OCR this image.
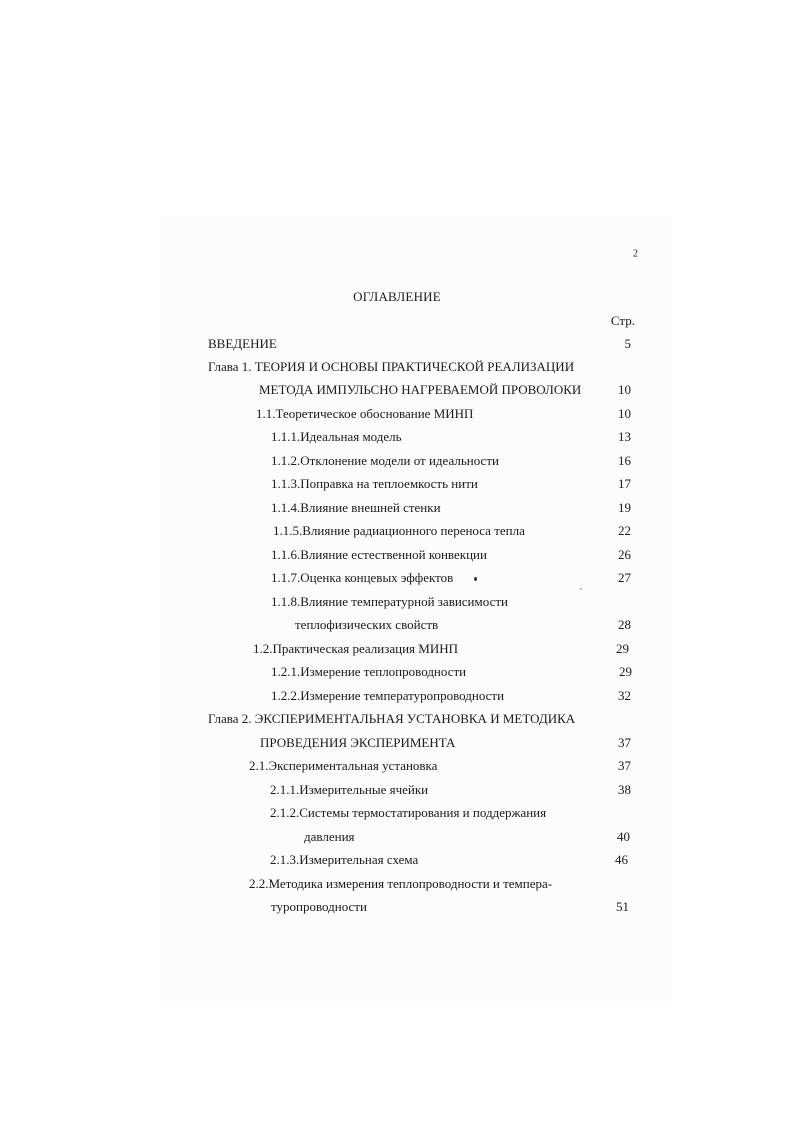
2
ОГЛАВЛЕНИЕ
Стр.
ВВЕДЕНИЕ	5
Глава 1. ТЕОРИЯ И ОСНОВЫ ПРАКТИЧЕСКОЙ РЕАЛИЗАЦИИ
МЕТОДА ИМПУЛЬСНО НАГРЕВАЕМОЙ ПРОВОЛОКИ	10
1.1.Теоретическое обоснование МИНП	10
1.1.1.Идеальная модель	13
1.1.2.Отклонение модели от идеальности	16
1.1.3.Поправка на теплоемкость нити	17
1.1.4.Влияние внешней стенки	19
1.1.5.Влияние радиационного переноса тепла	22
1.1.6.Влияние естественной конвекции	26
1.1.7.Оценка концевых эффектов	27
1.1.8.Влияние температурной зависимости
теплофизических свойств	28
1.2.Практическая реализация МИНП	29
1.2.1.Измерение теплопроводности	29
1.2.2.Измерение температуропроводности	32
Глава 2. ЭКСПЕРИМЕНТАЛЬНАЯ УСТАНОВКА И МЕТОДИКА
ПРОВЕДЕНИЯ ЭКСПЕРИМЕНТА	37
2.1.Экспериментальная установка	37
2.1.1.Измерительные ячейки	38
2.1.2.Системы термостатирования и поддержания
давления	40
2.1.3.Измерительная схема	46
2.2.Методика измерения теплопроводности и темпера-
туропроводности	51
